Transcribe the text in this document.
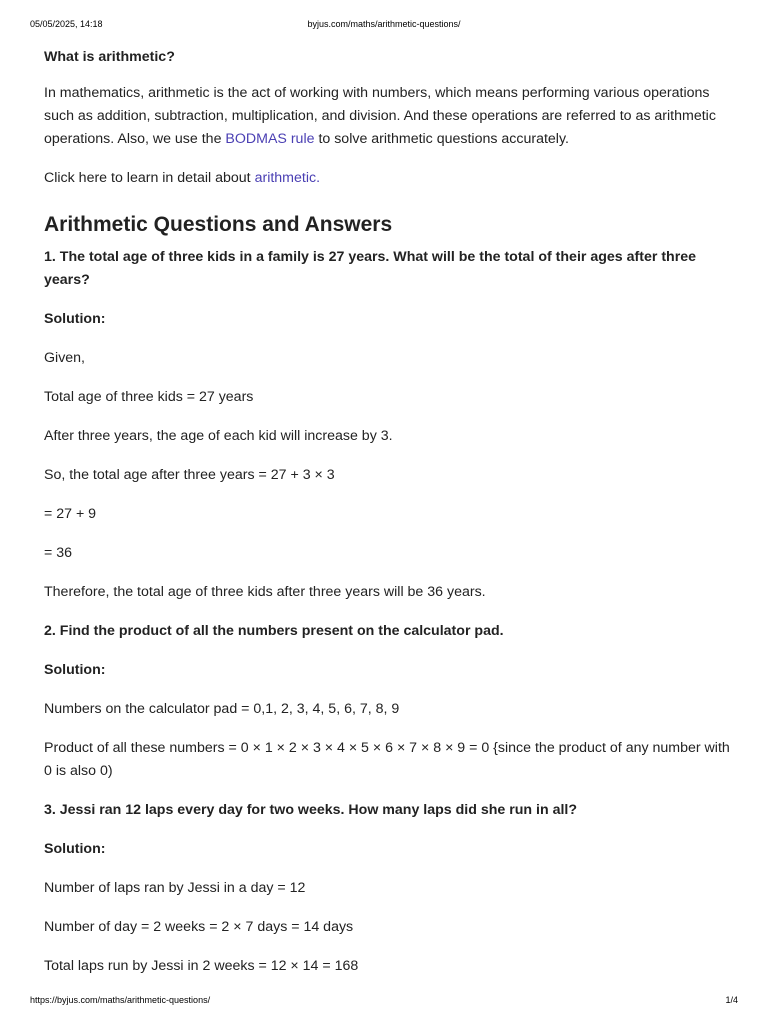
05/05/2025, 14:18	byjus.com/maths/arithmetic-questions/
What is arithmetic?
In mathematics, arithmetic is the act of working with numbers, which means performing various operations such as addition, subtraction, multiplication, and division. And these operations are referred to as arithmetic operations. Also, we use the BODMAS rule to solve arithmetic questions accurately.
Click here to learn in detail about arithmetic.
Arithmetic Questions and Answers
1. The total age of three kids in a family is 27 years. What will be the total of their ages after three years?
Solution:
Given,
Total age of three kids = 27 years
After three years, the age of each kid will increase by 3.
So, the total age after three years = 27 + 3 × 3
= 27 + 9
= 36
Therefore, the total age of three kids after three years will be 36 years.
2. Find the product of all the numbers present on the calculator pad.
Solution:
Numbers on the calculator pad = 0,1, 2, 3, 4, 5, 6, 7, 8, 9
Product of all these numbers = 0 × 1 × 2 × 3 × 4 × 5 × 6 × 7 × 8 × 9 = 0 {since the product of any number with 0 is also 0)
3. Jessi ran 12 laps every day for two weeks. How many laps did she run in all?
Solution:
Number of laps ran by Jessi in a day = 12
Number of day = 2 weeks = 2 × 7 days = 14 days
Total laps run by Jessi in 2 weeks = 12 × 14 = 168
https://byjus.com/maths/arithmetic-questions/	1/4
